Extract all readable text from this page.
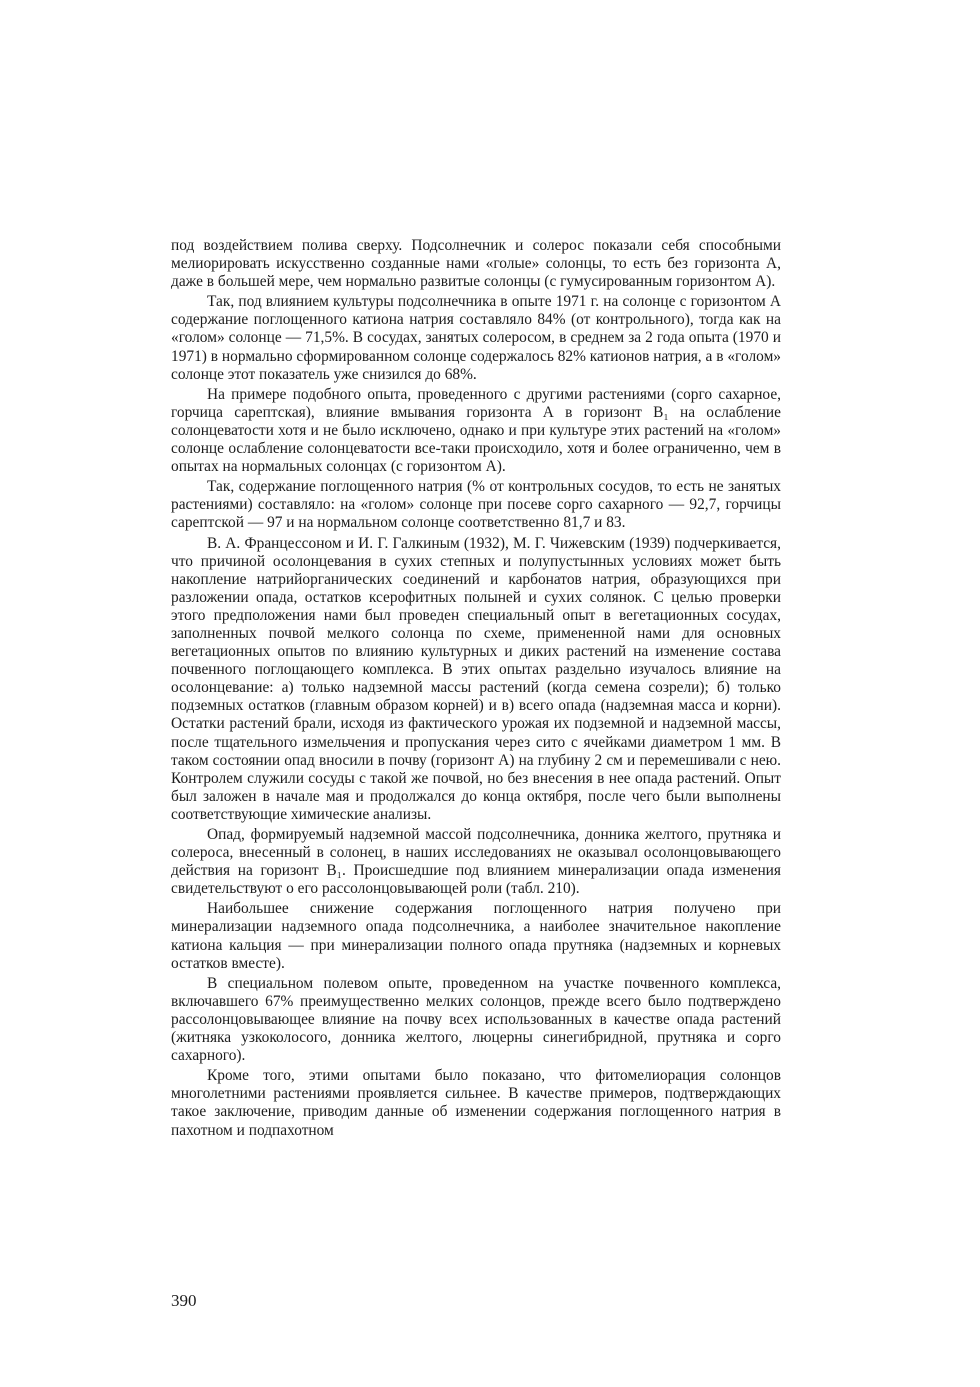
под воздействием полива сверху. Подсолнечник и солерос показали себя способными мелиорировать искусственно созданные нами «голые» солонцы, то есть без горизонта А, даже в большей мере, чем нормально развитые солонцы (с гумусированным горизонтом А).

Так, под влиянием культуры подсолнечника в опыте 1971 г. на солонце с горизонтом А содержание поглощенного катиона натрия составляло 84% (от контрольного), тогда как на «голом» солонце — 71,5%. В сосудах, занятых солеросом, в среднем за 2 года опыта (1970 и 1971) в нормально сформированном солонце содержалось 82% катионов натрия, а в «голом» солонце этот показатель уже снизился до 68%.

На примере подобного опыта, проведенного с другими растениями (сорго сахарное, горчица сарептская), влияние вмывания горизонта А в горизонт B₁ на ослабление солонцеватости хотя и не было исключено, однако и при культуре этих растений на «голом» солонце ослабление солонцеватости все-таки происходило, хотя и более ограниченно, чем в опытах на нормальных солонцах (с горизонтом А).

Так, содержание поглощенного натрия (% от контрольных сосудов, то есть не занятых растениями) составляло: на «голом» солонце при посеве сорго сахарного — 92,7, горчицы сарептской — 97 и на нормальном солонце соответственно 81,7 и 83.

В. А. Францессоном и И. Г. Галкиным (1932), М. Г. Чижевским (1939) подчеркивается, что причиной осолонцевания в сухих степных и полупустынных условиях может быть накопление натрийорганических соединений и карбонатов натрия, образующихся при разложении опада, остатков ксерофитных полыней и сухих солянок. С целью проверки этого предположения нами был проведен специальный опыт в вегетационных сосудах, заполненных почвой мелкого солонца по схеме, примененной нами для основных вегетационных опытов по влиянию культурных и диких растений на изменение состава почвенного поглощающего комплекса. В этих опытах раздельно изучалось влияние на осолонцевание: а) только надземной массы растений (когда семена созрели); б) только подземных остатков (главным образом корней) и в) всего опада (надземная масса и корни). Остатки растений брали, исходя из фактического урожая их подземной и надземной массы, после тщательного измельчения и пропускания через сито с ячейками диаметром 1 мм. В таком состоянии опад вносили в почву (горизонт А) на глубину 2 см и перемешивали с нею. Контролем служили сосуды с такой же почвой, но без внесения в нее опада растений. Опыт был заложен в начале мая и продолжался до конца октября, после чего были выполнены соответствующие химические анализы.

Опад, формируемый надземной массой подсолнечника, донника желтого, прутняка и солероса, внесенный в солонец, в наших исследованиях не оказывал осолонцовывающего действия на горизонт B₁. Происшедшие под влиянием минерализации опада изменения свидетельствуют о его рассолонцовывающей роли (табл. 210).

Наибольшее снижение содержания поглощенного натрия получено при минерализации надземного опада подсолнечника, а наиболее значительное накопление катиона кальция — при минерализации полного опада прутняка (надземных и корневых остатков вместе).

В специальном полевом опыте, проведенном на участке почвенного комплекса, включавшего 67% преимущественно мелких солонцов, прежде всего было подтверждено рассолонцовывающее влияние на почву всех использованных в качестве опада растений (житняка узкоколосого, донника желтого, люцерны синегибридной, прутняка и сорго сахарного).

Кроме того, этими опытами было показано, что фитомелиорация солонцов многолетними растениями проявляется сильнее. В качестве примеров, подтверждающих такое заключение, приводим данные об изменении содержания поглощенного натрия в пахотном и подпахотном

390
